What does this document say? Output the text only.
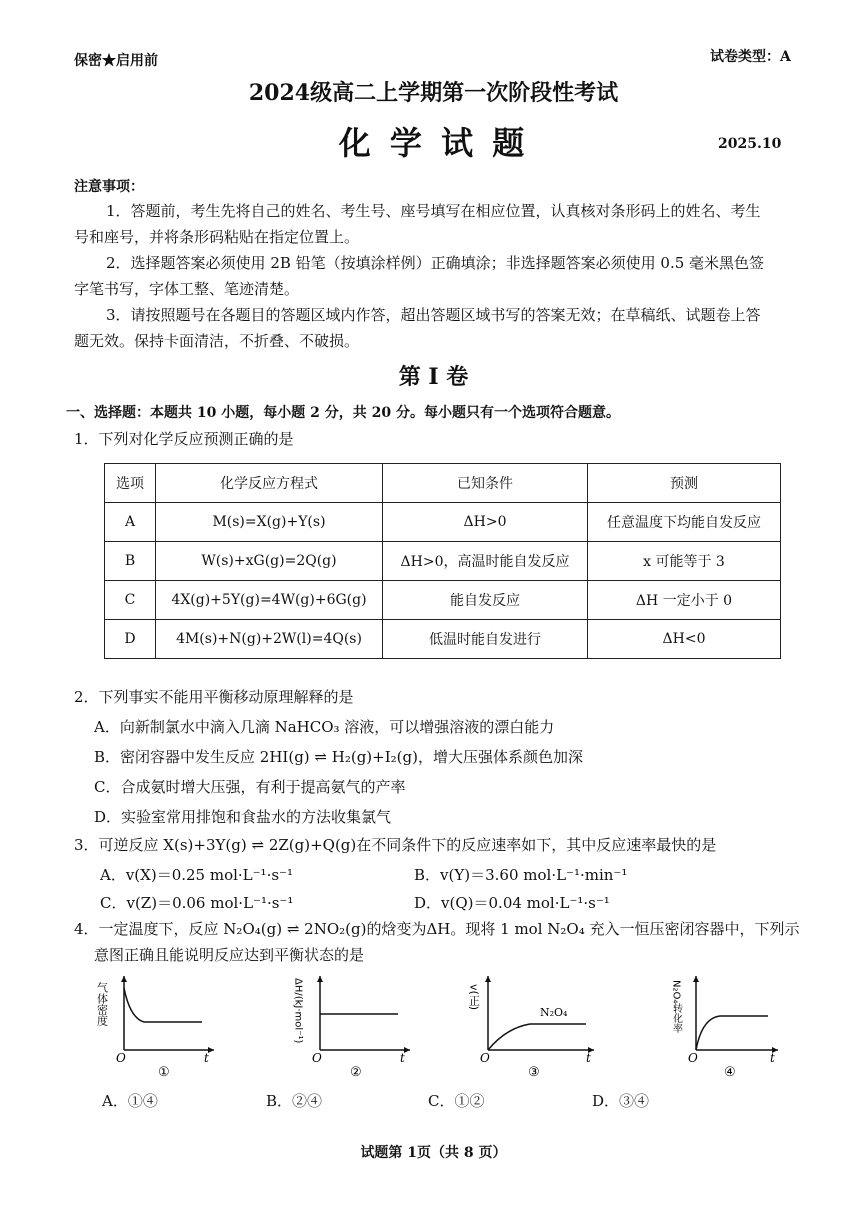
保密★启用前	试卷类型：A
2024级高二上学期第一次阶段性考试
化 学 试 题	2025.10
注意事项：
1．答题前，考生先将自己的姓名、考生号、座号填写在相应位置，认真核对条形码上的姓名、考生
号和座号，并将条形码粘贴在指定位置上。
2．选择题答案必须使用 2B 铅笔（按填涂样例）正确填涂；非选择题答案必须使用 0.5 毫米黑色签
字笔书写，字体工整、笔迹清楚。
3．请按照题号在各题目的答题区域内作答，超出答题区域书写的答案无效；在草稿纸、试题卷上答
题无效。保持卡面清洁，不折叠、不破损。
第 I 卷
一、选择题：本题共 10 小题，每小题 2 分，共 20 分。每小题只有一个选项符合题意。
1．下列对化学反应预测正确的是
选项	化学反应方程式	已知条件	预测
A	M(s)=X(g)+Y(s)	ΔH>0	任意温度下均能自发反应
B	W(s)+xG(g)=2Q(g)	ΔH>0，高温时能自发反应	x 可能等于 3
C	4X(g)+5Y(g)=4W(g)+6G(g)	能自发反应	ΔH 一定小于 0
D	4M(s)+N(g)+2W(l)=4Q(s)	低温时能自发进行	ΔH<0
2．下列事实不能用平衡移动原理解释的是
A．向新制氯水中滴入几滴 NaHCO₃ 溶液，可以增强溶液的漂白能力
B．密闭容器中发生反应 2HI(g) ⇌ H₂(g)+I₂(g)，增大压强体系颜色加深
C．合成氨时增大压强，有利于提高氨气的产率
D．实验室常用排饱和食盐水的方法收集氯气
3．可逆反应 X(s)+3Y(g) ⇌ 2Z(g)+Q(g)在不同条件下的反应速率如下，其中反应速率最快的是
A．v(X)＝0.25 mol·L⁻¹·s⁻¹	B．v(Y)＝3.60 mol·L⁻¹·min⁻¹
C．v(Z)＝0.06 mol·L⁻¹·s⁻¹	D．v(Q)＝0.04 mol·L⁻¹·s⁻¹
4．一定温度下，反应 N₂O₄(g) ⇌ 2NO₂(g)的焓变为ΔH。现将 1 mol N₂O₄ 充入一恒压密闭容器中，下列示
意图正确且能说明反应达到平衡状态的是
气体密度
O	t
①
ΔH/(kJ·mol⁻¹)
O	t
②
v(正)
N₂O₄
O	t
③
N₂O₄转化率
O	t
④
A．①④	B．②④	C．①②	D．③④
试题第 1页（共 8 页）
